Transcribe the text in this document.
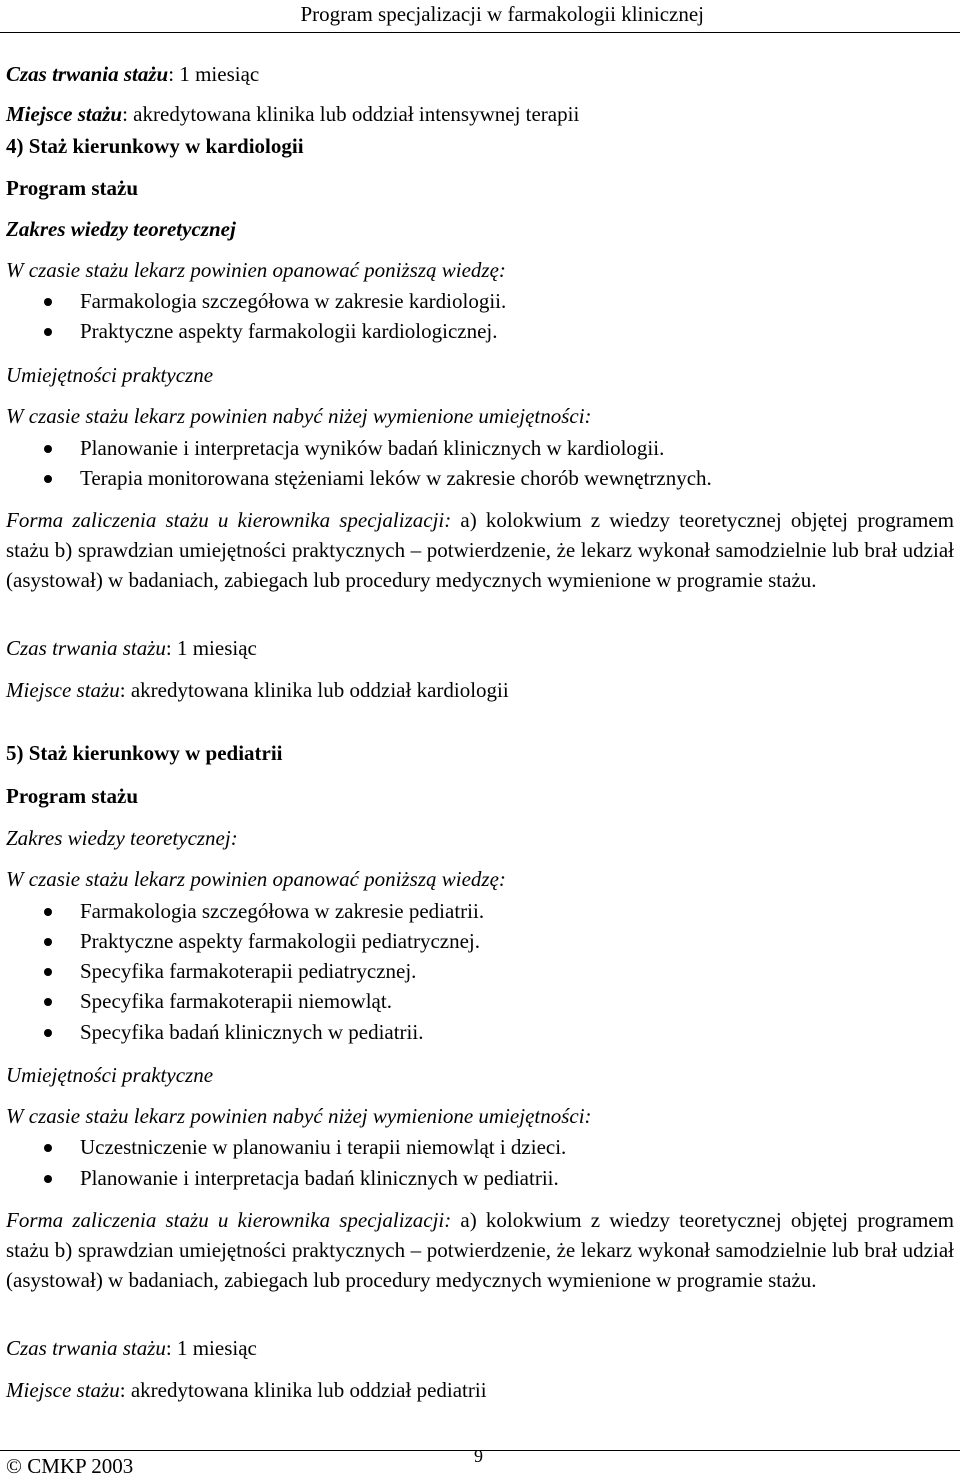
Program specjalizacji w farmakologii klinicznej
Czas trwania stażu: 1 miesiąc
Miejsce stażu: akredytowana klinika lub oddział intensywnej terapii
4) Staż kierunkowy w kardiologii
Program stażu
Zakres wiedzy teoretycznej
W czasie stażu lekarz powinien opanować poniższą wiedzę:
Farmakologia szczegółowa w zakresie kardiologii.
Praktyczne aspekty farmakologii kardiologicznej.
Umiejętności praktyczne
W czasie stażu lekarz powinien nabyć niżej wymienione umiejętności:
Planowanie i interpretacja wyników badań klinicznych w kardiologii.
Terapia monitorowana stężeniami leków w zakresie chorób wewnętrznych.
Forma zaliczenia stażu u kierownika specjalizacji: a) kolokwium z wiedzy teoretycznej objętej programem stażu b) sprawdzian umiejętności praktycznych – potwierdzenie, że lekarz wykonał samodzielnie lub brał udział (asystował) w badaniach, zabiegach lub procedury medycznych wymienione w programie stażu.
Czas trwania stażu: 1 miesiąc
Miejsce stażu: akredytowana klinika lub oddział kardiologii
5) Staż kierunkowy w pediatrii
Program stażu
Zakres wiedzy teoretycznej:
W czasie stażu lekarz powinien opanować poniższą wiedzę:
Farmakologia szczegółowa w zakresie pediatrii.
Praktyczne aspekty farmakologii pediatrycznej.
Specyfika farmakoterapii pediatrycznej.
Specyfika farmakoterapii niemowląt.
Specyfika badań klinicznych w pediatrii.
Umiejętności praktyczne
W czasie stażu lekarz powinien nabyć niżej wymienione umiejętności:
Uczestniczenie w planowaniu i terapii niemowląt i dzieci.
Planowanie i interpretacja badań klinicznych w pediatrii.
Forma zaliczenia stażu u kierownika specjalizacji: a) kolokwium z wiedzy teoretycznej objętej programem stażu b) sprawdzian umiejętności praktycznych – potwierdzenie, że lekarz wykonał samodzielnie lub brał udział (asystował) w badaniach, zabiegach lub procedury medycznych wymienione w programie stażu.
Czas trwania stażu: 1 miesiąc
Miejsce stażu: akredytowana klinika lub oddział pediatrii
© CMKP 2003	9
